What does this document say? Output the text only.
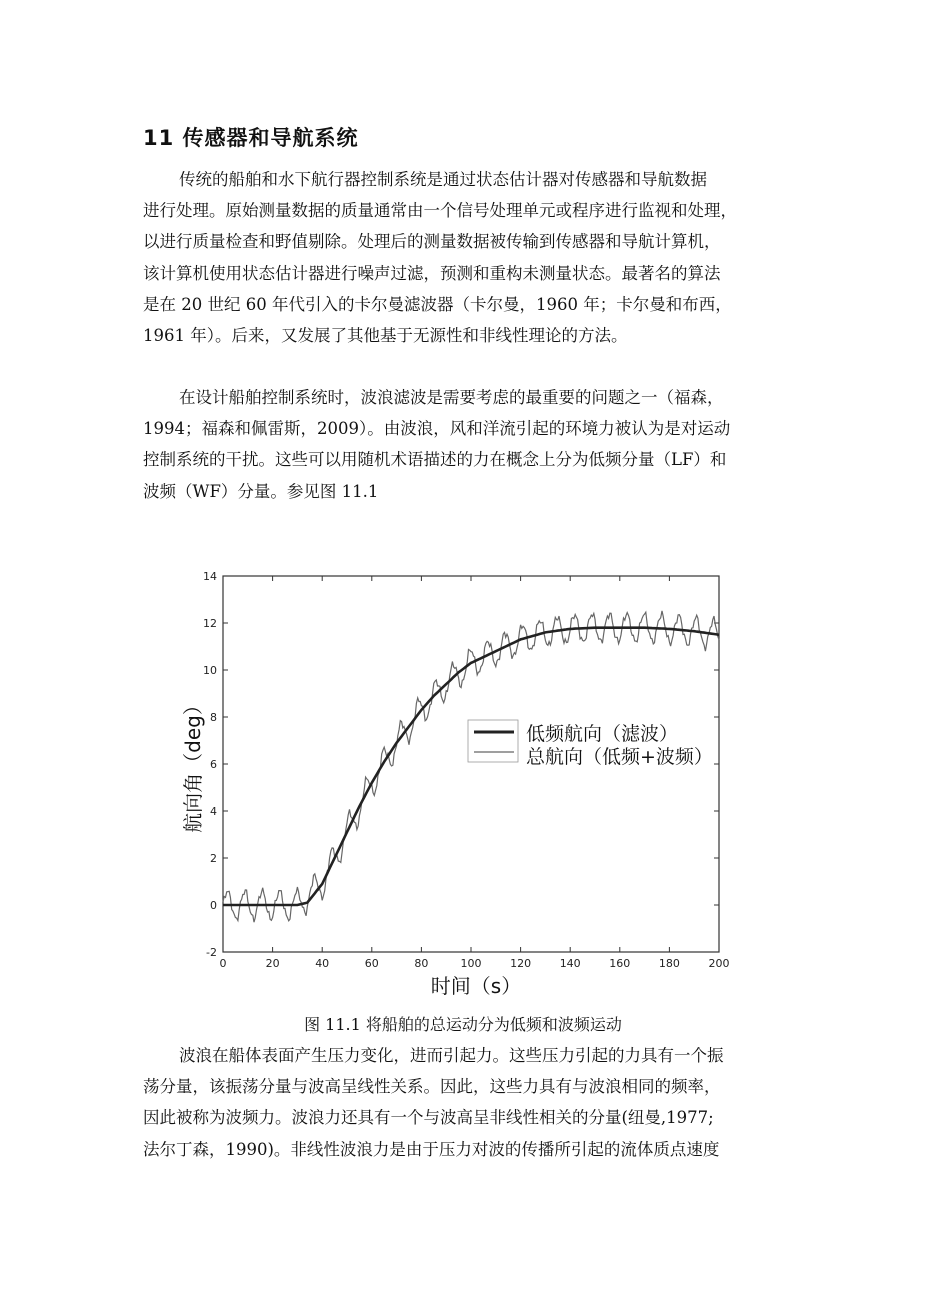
11 传感器和导航系统
传统的船舶和水下航行器控制系统是通过状态估计器对传感器和导航数据
进行处理。原始测量数据的质量通常由一个信号处理单元或程序进行监视和处理，
以进行质量检查和野值剔除。处理后的测量数据被传输到传感器和导航计算机，
该计算机使用状态估计器进行噪声过滤，预测和重构未测量状态。最著名的算法
是在 20 世纪 60 年代引入的卡尔曼滤波器（卡尔曼，1960 年；卡尔曼和布西，
1961 年）。后来，又发展了其他基于无源性和非线性理论的方法。
在设计船舶控制系统时，波浪滤波是需要考虑的最重要的问题之一（福森，
1994；福森和佩雷斯，2009）。由波浪，风和洋流引起的环境力被认为是对运动
控制系统的干扰。这些可以用随机术语描述的力在概念上分为低频分量（LF）和
波频（WF）分量。参见图 11.1
0	20	40	60	80	100	120	140	160	180	200
-2
0
2
4
6
8
10
12
14
低频航向（滤波）
总航向（低频+波频）
时间（s）
航向角（deg）
图 11.1 将船舶的总运动分为低频和波频运动
波浪在船体表面产生压力变化，进而引起力。这些压力引起的力具有一个振
荡分量，该振荡分量与波高呈线性关系。因此，这些力具有与波浪相同的频率，
因此被称为波频力。波浪力还具有一个与波高呈非线性相关的分量(纽曼,1977;
法尔丁森，1990)。非线性波浪力是由于压力对波的传播所引起的流体质点速度
